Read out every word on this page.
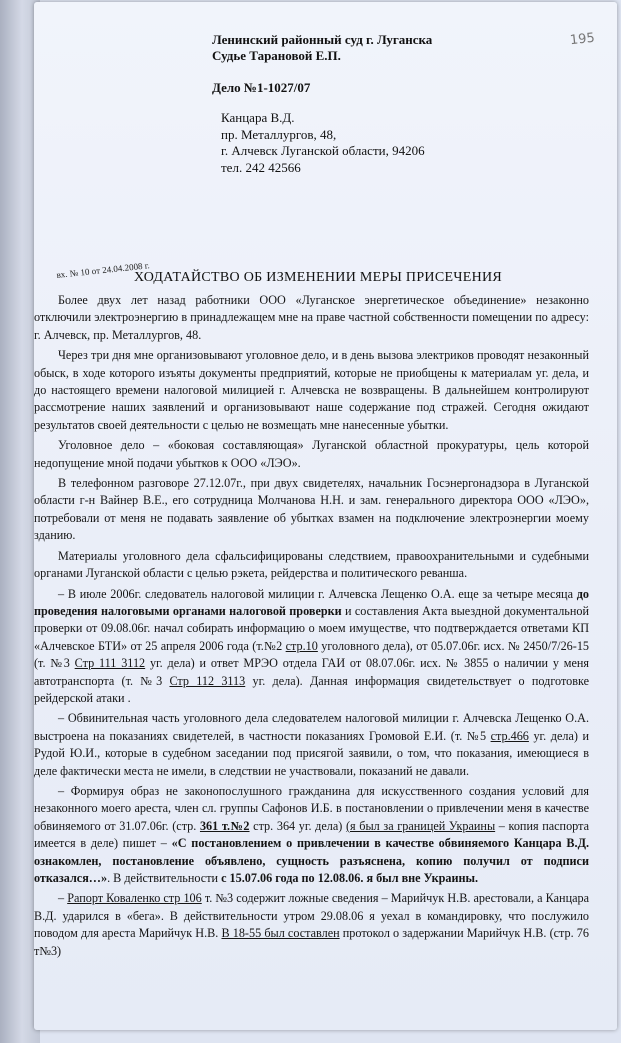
195
Ленинский районный суд г. Луганска
Судье Тарановой Е.П.
Дело №1-1027/07
Канцара В.Д.
пр. Металлургов, 48,
г. Алчевск Луганской области, 94206
тел. 242 42566
вх. № 10 от 24.04.2008 г.
ХОДАТАЙСТВО ОБ ИЗМЕНЕНИИ МЕРЫ ПРИСЕЧЕНИЯ

Более двух лет назад работники ООО «Луганское энергетическое объединение» незаконно отключили электроэнергию в принадлежащем мне на праве частной собственности помещении по адресу: г. Алчевск, пр. Металлургов, 48.

Через три дня мне организовывают уголовное дело, и в день вызова электриков проводят незаконный обыск, в ходе которого изъяты документы предприятий, которые не приобщены к материалам уг. дела, и до настоящего времени налоговой милицией г. Алчевска не возвращены. В дальнейшем контролируют рассмотрение наших заявлений и организовывают наше содержание под стражей. Сегодня ожидают результатов своей деятельности с целью не возмещать мне нанесенные убытки.

Уголовное дело – «боковая составляющая» Луганской областной прокуратуры, цель которой недопущение мной подачи убытков к ООО «ЛЭО».

В телефонном разговоре 27.12.07г., при двух свидетелях, начальник Госэнергонадзора в Луганской области г-н Вайнер В.Е., его сотрудница Молчанова Н.Н. и зам. генерального директора ООО «ЛЭО», потребовали от меня не подавать заявление об убытках взамен на подключение электроэнергии моему зданию.

Материалы уголовного дела сфальсифицированы следствием, правоохранительными и судебными органами Луганской области с целью рэкета, рейдерства и политического реванша.

– В июле 2006г. следователь налоговой милиции г. Алчевска Лещенко О.А. еще за четыре месяца до проведения налоговыми органами налоговой проверки и составления Акта выездной документальной проверки от 09.08.06г. начал собирать информацию о моем имуществе, что подтверждается ответами КП «Алчевское БТИ» от 25 апреля 2006 года (т.№2 стр.10 уголовного дела), от 05.07.06г. исх. № 2450/7/26-15 (т. №3 Стр 111 3112 уг. дела) и ответ МРЭО отдела ГАИ от 08.07.06г. исх. № 3855 о наличии у меня автотранспорта (т. №3 Стр 112 3113 уг. дела). Данная информация свидетельствует о подготовке рейдерской атаки .

– Обвинительная часть уголовного дела следователем налоговой милиции г. Алчевска Лещенко О.А. выстроена на показаниях свидетелей, в частности показаниях Громовой Е.И. (т. №5 стр.466 уг. дела) и Рудой Ю.И., которые в судебном заседании под присягой заявили, о том, что показания, имеющиеся в деле фактически места не имели, в следствии не участвовали, показаний не давали.

– Формируя образ не законопослушного гражданина для искусственного создания условий для незаконного моего ареста, член сл. группы Сафонов И.Б. в постановлении о привлечении меня в качестве обвиняемого от 31.07.06г. (стр. 361 т.№2 стр. 364 уг. дела) (я был за границей Украины – копия паспорта имеется в деле) пишет – «С постановлением о привлечении в качестве обвиняемого Канцара В.Д. ознакомлен, постановление объявлено, сущность разъяснена, копию получил от подписи отказался…». В действительности с 15.07.06 года по 12.08.06. я был вне Украины.

– Рапорт Коваленко стр 106 т. №3 содержит ложные сведения – Марийчук Н.В. арестовали, а Канцара В.Д. ударился в «бега». В действительности утром 29.08.06 я уехал в командировку, что послужило поводом для ареста Марийчук Н.В. В 18-55 был составлен протокол о задержании Марийчук Н.В. (стр. 76 т№3)
